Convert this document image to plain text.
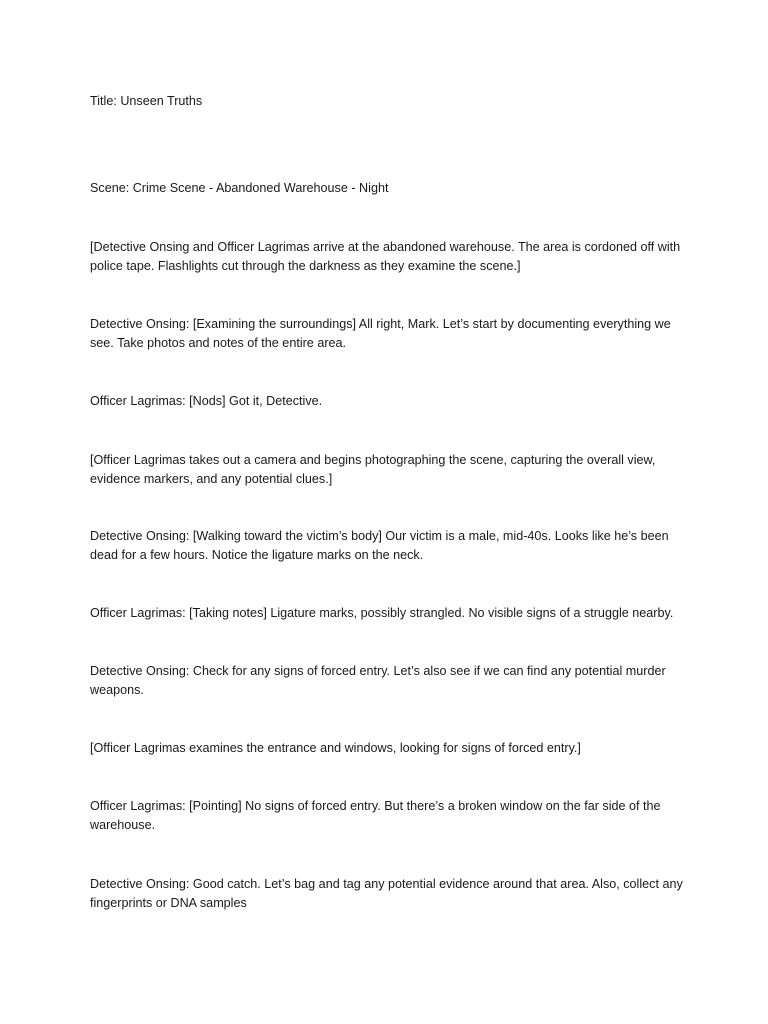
Title: Unseen Truths

Scene: Crime Scene - Abandoned Warehouse - Night

[Detective Onsing and Officer Lagrimas arrive at the abandoned warehouse. The area is cordoned off with police tape. Flashlights cut through the darkness as they examine the scene.]

Detective Onsing: [Examining the surroundings] All right, Mark. Let’s start by documenting everything we see. Take photos and notes of the entire area.

Officer Lagrimas: [Nods] Got it, Detective.

[Officer Lagrimas takes out a camera and begins photographing the scene, capturing the overall view, evidence markers, and any potential clues.]

Detective Onsing: [Walking toward the victim’s body] Our victim is a male, mid-40s. Looks like he’s been dead for a few hours. Notice the ligature marks on the neck.

Officer Lagrimas: [Taking notes] Ligature marks, possibly strangled. No visible signs of a struggle nearby.

Detective Onsing: Check for any signs of forced entry. Let’s also see if we can find any potential murder weapons.

[Officer Lagrimas examines the entrance and windows, looking for signs of forced entry.]

Officer Lagrimas: [Pointing] No signs of forced entry. But there’s a broken window on the far side of the warehouse.

Detective Onsing: Good catch. Let’s bag and tag any potential evidence around that area. Also, collect any fingerprints or DNA samples
